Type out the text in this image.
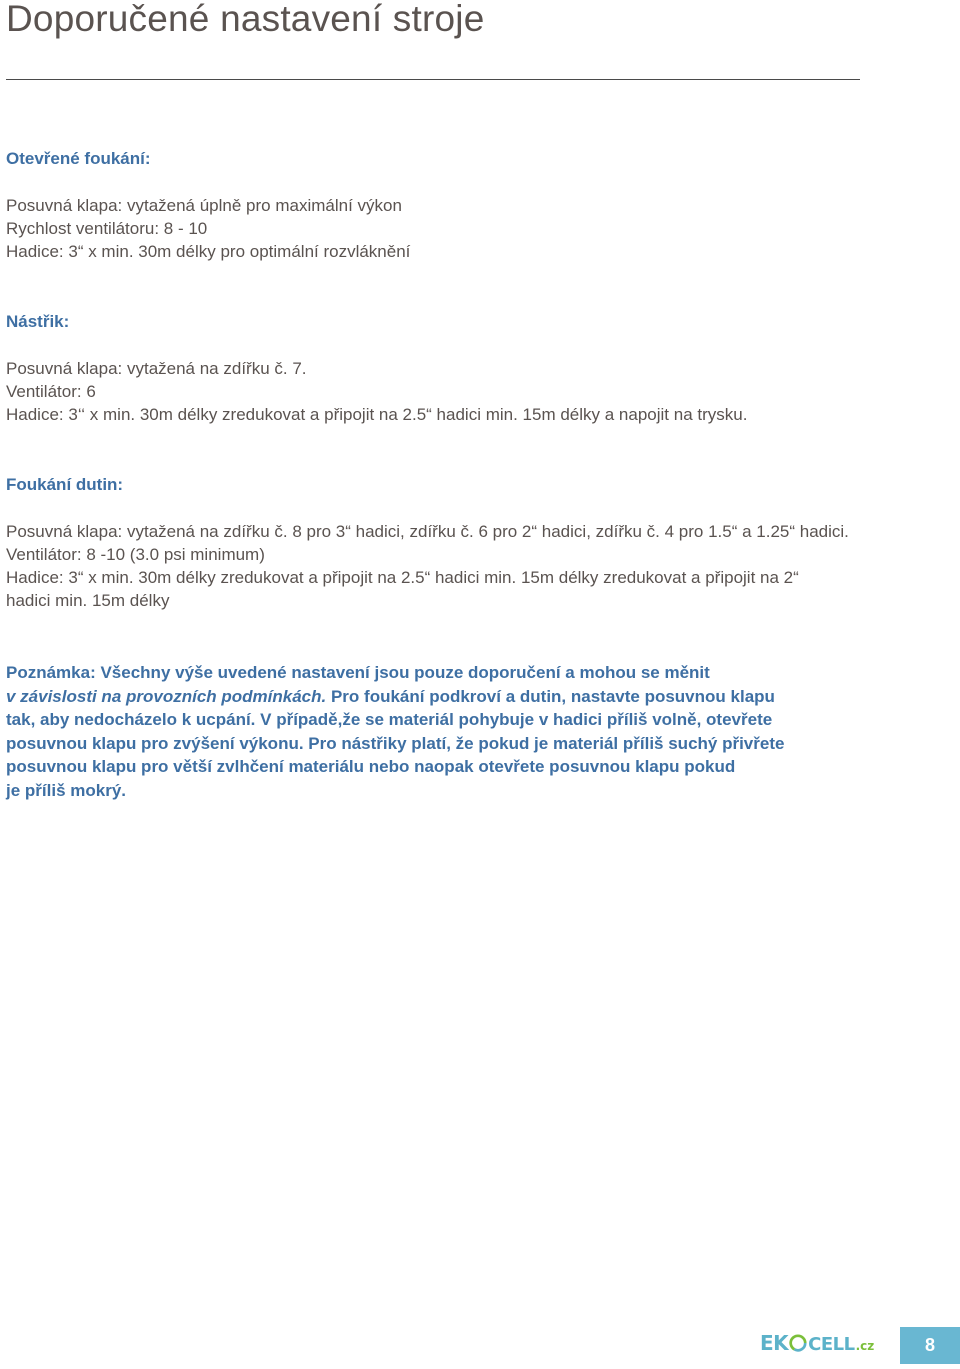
Doporučené nastavení stroje
Otevřené foukání:
Posuvná klapa: vytažená úplně pro maximální výkon
Rychlost ventilátoru: 8 - 10
Hadice: 3“ x min. 30m délky pro optimální rozvláknění
Nástřik:
Posuvná klapa: vytažená na zdířku č. 7.
Ventilátor: 6
Hadice: 3‘‘ x min. 30m délky zredukovat a připojit na 2.5“ hadici min. 15m délky a napojit na trysku.
Foukání dutin:
Posuvná klapa: vytažená na zdířku č. 8 pro 3“ hadici, zdířku č. 6 pro 2“ hadici, zdířku č. 4 pro 1.5“ a 1.25“ hadici.
Ventilátor: 8 -10 (3.0 psi minimum)
Hadice: 3“ x min. 30m délky zredukovat a připojit na 2.5“ hadici min. 15m délky zredukovat a připojit na 2“
hadici min. 15m délky
Poznámka: Všechny výše uvedené nastavení jsou pouze doporučení a mohou se měnit
v závislosti na provozních podmínkách. Pro foukání podkroví a dutin, nastavte posuvnou klapu
tak, aby nedocházelo k ucpání. V případě,že se materiál pohybuje v hadici příliš volně, otevřete
posuvnou klapu pro zvýšení výkonu. Pro nástřiky platí, že pokud je materiál příliš suchý přivřete
posuvnou klapu pro větší zvlhčení materiálu nebo naopak otevřete posuvnou klapu pokud
je příliš mokrý.
EK CELL .cz	8
